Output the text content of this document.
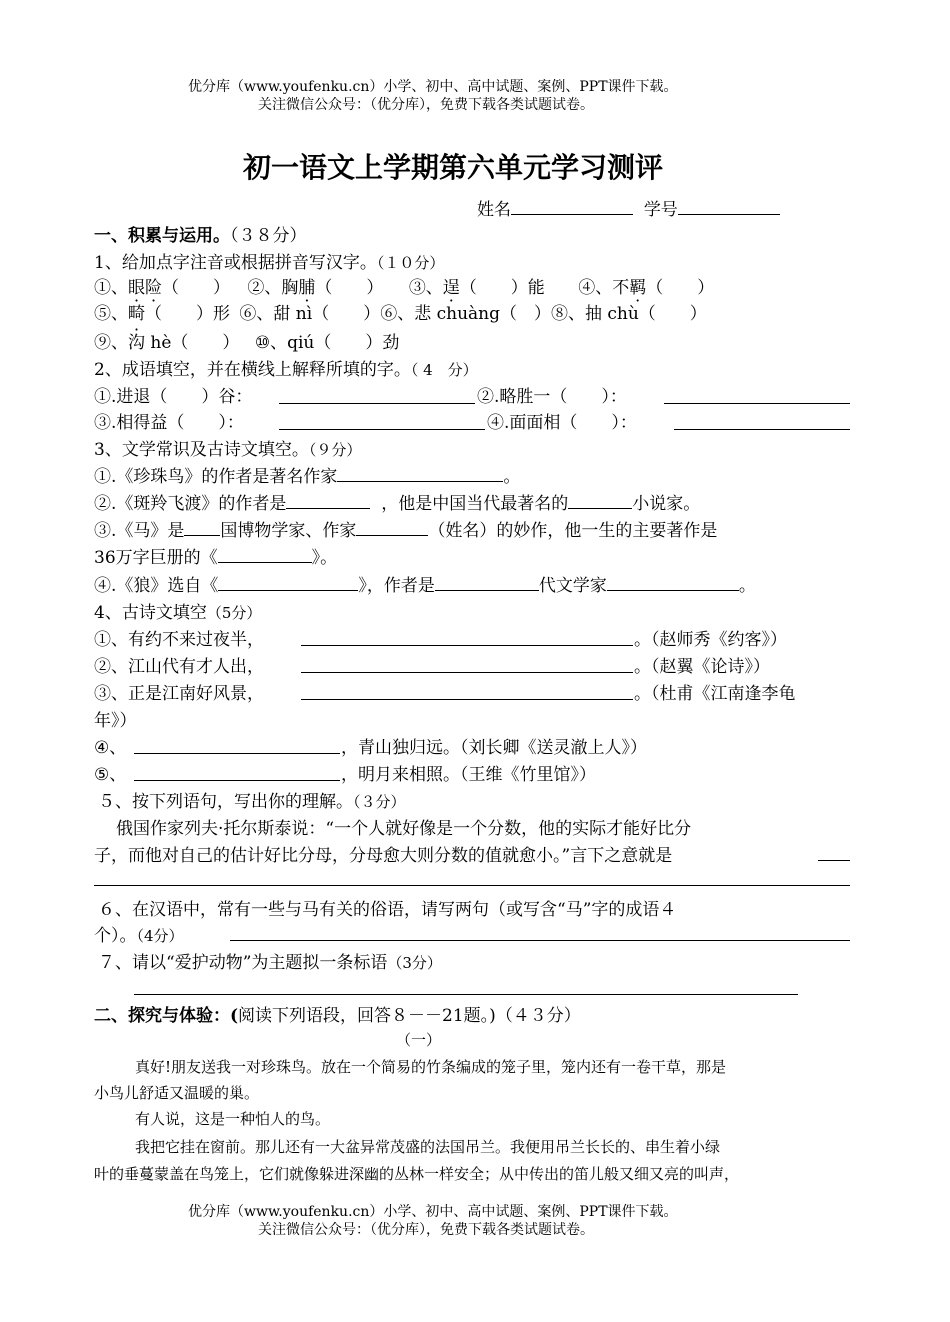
优分库（www.youfenku.cn）小学、初中、高中试题、案例、PPT课件下载。
关注微信公众号：（优分库），免费下载各类试题试卷。
初一语文上学期第六单元学习测评
姓名	学号
一、积累与运用。（３８分）
1、给加点字注音或根据拼音写汉字。（１０分）
①、眼险（　　） ②、胸脯（　　） ③、逞（　　）能 ④、不羁（　　）
⑤、畸（　　）形 ⑥、甜 nì（　　）⑥、悲 chuàng（　）⑧、抽 chù（　　）
⑨、沟 hè（　　） ⑩、qiú（　　）劲
2、成语填空，并在横线上解释所填的字。（ 4　分）
①.进退（　　）谷：	②.略胜一（　　）：
③.相得益（　　）：	④.面面相（　　）：
3、文学常识及古诗文填空。（９分）
①.《珍珠鸟》的作者是著名作家	。
②.《斑羚飞渡》的作者是	，他是中国当代最著名的	小说家。
③.《马》是 国博物学家、作家	（姓名）的妙作，他一生的主要著作是
36万字巨册的《	》。
④.《狼》选自《	》，作者是	代文学家	。
4、古诗文填空（5分）
①、有约不来过夜半，	。（赵师秀《约客》）
②、江山代有才人出，	。（赵翼《论诗》）
③、正是江南好风景，	。（杜甫《江南逢李龟
年》）
④、	，青山独归远。（刘长卿《送灵澈上人》）
⑤、	，明月来相照。（王维《竹里馆》）
５、按下列语句，写出你的理解。（３分）
俄国作家列夫·托尔斯泰说：“一个人就好像是一个分数，他的实际才能好比分
子，而他对自己的估计好比分母，分母愈大则分数的值就愈小。”言下之意就是
６、在汉语中，常有一些与马有关的俗语，请写两句（或写含“马”字的成语４
个）。（4分）
７、请以“爱护动物”为主题拟一条标语（3分）
二、探究与体验：(阅读下列语段，回答８－－21题。)（４３分）
（一）
真好!朋友送我一对珍珠鸟。放在一个简易的竹条编成的笼子里，笼内还有一卷干草，那是
小鸟儿舒适又温暖的巢。
有人说，这是一种怕人的鸟。
我把它挂在窗前。那儿还有一大盆异常茂盛的法国吊兰。我便用吊兰长长的、串生着小绿
叶的垂蔓蒙盖在鸟笼上，它们就像躲进深幽的丛林一样安全；从中传出的笛儿般又细又亮的叫声，
优分库（www.youfenku.cn）小学、初中、高中试题、案例、PPT课件下载。
关注微信公众号：（优分库），免费下载各类试题试卷。
